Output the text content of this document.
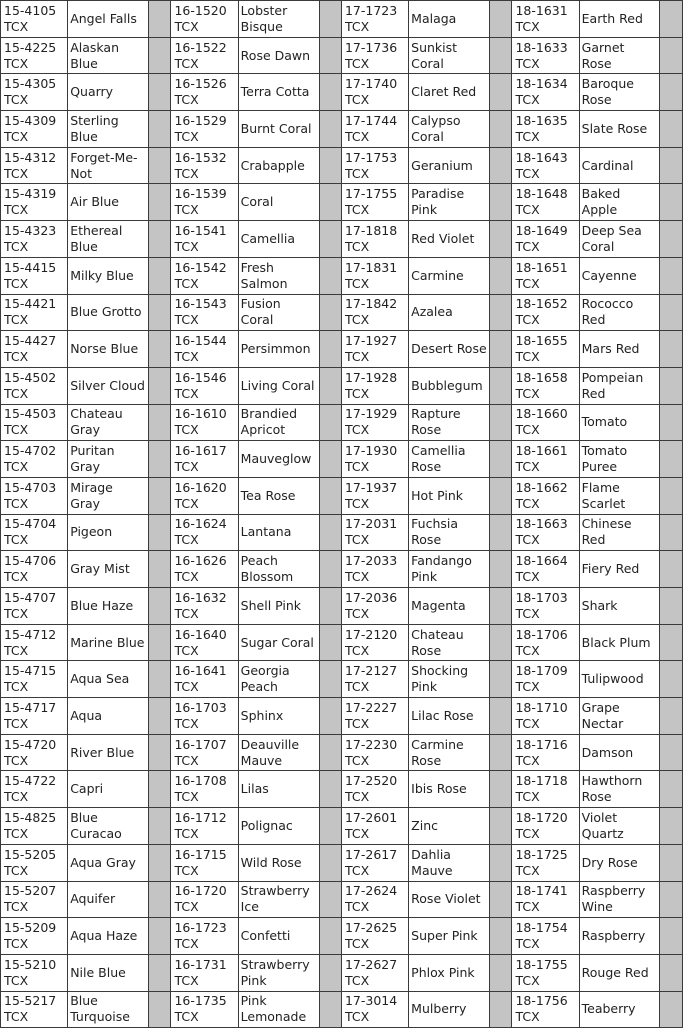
15-4105 TCX	Angel Falls		16-1520 TCX	Lobster Bisque		17-1723 TCX	Malaga		18-1631 TCX	Earth Red	
15-4225 TCX	Alaskan Blue		16-1522 TCX	Rose Dawn		17-1736 TCX	Sunkist Coral		18-1633 TCX	Garnet Rose	
15-4305 TCX	Quarry		16-1526 TCX	Terra Cotta		17-1740 TCX	Claret Red		18-1634 TCX	Baroque Rose	
15-4309 TCX	Sterling Blue		16-1529 TCX	Burnt Coral		17-1744 TCX	Calypso Coral		18-1635 TCX	Slate Rose	
15-4312 TCX	Forget-Me-Not		16-1532 TCX	Crabapple		17-1753 TCX	Geranium		18-1643 TCX	Cardinal	
15-4319 TCX	Air Blue		16-1539 TCX	Coral		17-1755 TCX	Paradise Pink		18-1648 TCX	Baked Apple	
15-4323 TCX	Ethereal Blue		16-1541 TCX	Camellia		17-1818 TCX	Red Violet		18-1649 TCX	Deep Sea Coral	
15-4415 TCX	Milky Blue		16-1542 TCX	Fresh Salmon		17-1831 TCX	Carmine		18-1651 TCX	Cayenne	
15-4421 TCX	Blue Grotto		16-1543 TCX	Fusion Coral		17-1842 TCX	Azalea		18-1652 TCX	Rococco Red	
15-4427 TCX	Norse Blue		16-1544 TCX	Persimmon		17-1927 TCX	Desert Rose		18-1655 TCX	Mars Red	
15-4502 TCX	Silver Cloud		16-1546 TCX	Living Coral		17-1928 TCX	Bubblegum		18-1658 TCX	Pompeian Red	
15-4503 TCX	Chateau Gray		16-1610 TCX	Brandied Apricot		17-1929 TCX	Rapture Rose		18-1660 TCX	Tomato	
15-4702 TCX	Puritan Gray		16-1617 TCX	Mauveglow		17-1930 TCX	Camellia Rose		18-1661 TCX	Tomato Puree	
15-4703 TCX	Mirage Gray		16-1620 TCX	Tea Rose		17-1937 TCX	Hot Pink		18-1662 TCX	Flame Scarlet	
15-4704 TCX	Pigeon		16-1624 TCX	Lantana		17-2031 TCX	Fuchsia Rose		18-1663 TCX	Chinese Red	
15-4706 TCX	Gray Mist		16-1626 TCX	Peach Blossom		17-2033 TCX	Fandango Pink		18-1664 TCX	Fiery Red	
15-4707 TCX	Blue Haze		16-1632 TCX	Shell Pink		17-2036 TCX	Magenta		18-1703 TCX	Shark	
15-4712 TCX	Marine Blue		16-1640 TCX	Sugar Coral		17-2120 TCX	Chateau Rose		18-1706 TCX	Black Plum	
15-4715 TCX	Aqua Sea		16-1641 TCX	Georgia Peach		17-2127 TCX	Shocking Pink		18-1709 TCX	Tulipwood	
15-4717 TCX	Aqua		16-1703 TCX	Sphinx		17-2227 TCX	Lilac Rose		18-1710 TCX	Grape Nectar	
15-4720 TCX	River Blue		16-1707 TCX	Deauville Mauve		17-2230 TCX	Carmine Rose		18-1716 TCX	Damson	
15-4722 TCX	Capri		16-1708 TCX	Lilas		17-2520 TCX	Ibis Rose		18-1718 TCX	Hawthorn Rose	
15-4825 TCX	Blue Curacao		16-1712 TCX	Polignac		17-2601 TCX	Zinc		18-1720 TCX	Violet Quartz	
15-5205 TCX	Aqua Gray		16-1715 TCX	Wild Rose		17-2617 TCX	Dahlia Mauve		18-1725 TCX	Dry Rose	
15-5207 TCX	Aquifer		16-1720 TCX	Strawberry Ice		17-2624 TCX	Rose Violet		18-1741 TCX	Raspberry Wine	
15-5209 TCX	Aqua Haze		16-1723 TCX	Confetti		17-2625 TCX	Super Pink		18-1754 TCX	Raspberry	
15-5210 TCX	Nile Blue		16-1731 TCX	Strawberry Pink		17-2627 TCX	Phlox Pink		18-1755 TCX	Rouge Red	
15-5217 TCX	Blue Turquoise		16-1735 TCX	Pink Lemonade		17-3014 TCX	Mulberry		18-1756 TCX	Teaberry	
